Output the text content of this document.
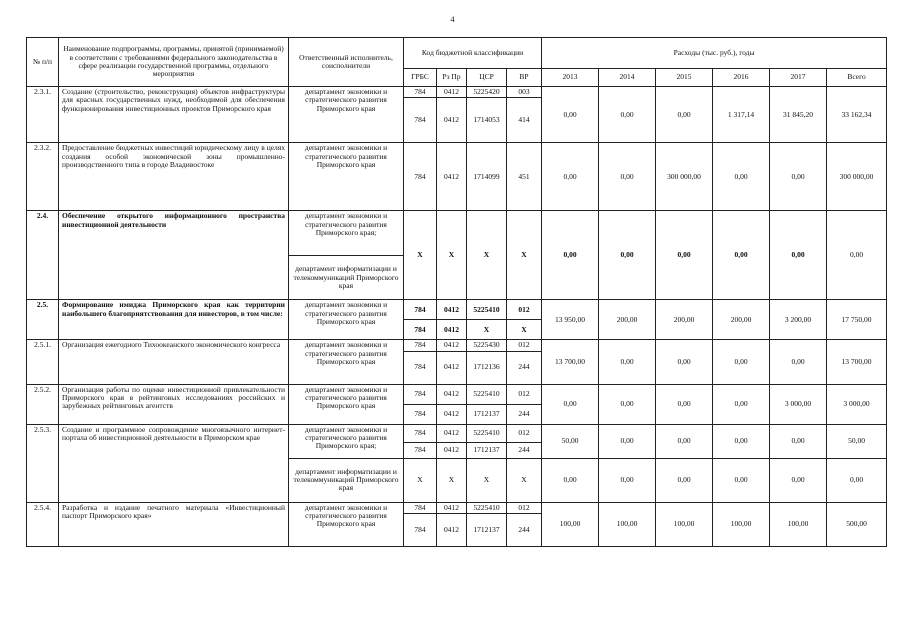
4
№ п/п	Наименование подпрограммы, программы, принятой (принимаемой) в соответствии с требованиями федерального законодательства в сфере реализации государственной программы, отдельного мероприятия	Ответственный исполнитель, соисполнители	Код бюджетной классификации				Расходы (тыс. руб.), годы					
			ГРБС	Рз Пр	ЦСР	ВР	2013	2014	2015	2016	2017	Всего
2.3.1.	Создание (строительство, реконструкция) объектов инфраструктуры для красных государственных нужд, необходимой для обеспечения функционирования инвестиционных проектов Приморского края	департамент экономики и стратегического развития Приморского края	784	0412	5225420	003	0,00	0,00	0,00	1 317,14	31 845,20	33 162,34
			784	0412	1714053	414						
2.3.2.	Предоставление бюджетных инвестиций юридическому лицу в целях создания особой экономической зоны промышленно-производственного типа в городе Владивостоке	департамент экономики и стратегического развития Приморского края	784	0412	1714099	451	0,00	0,00	300 000,00	0,00	0,00	300 000,00
2.4.	Обеспечение открытого информационного пространства инвестиционной деятельности	департамент экономики и стратегического развития Приморского края;	Х	Х	Х	Х	0,00	0,00	0,00	0,00	0,00	0,00
		департамент информатизации и телекоммуникаций Приморского края										
2.5.	Формирование имиджа Приморского края как территории наибольшего благоприятствования для инвесторов, в том числе:	департамент экономики и стратегического развития Приморского края	784	0412	5225410	012	13 950,00	200,00	200,00	200,00	3 200,00	17 750,00
			784	0412	Х	Х						
2.5.1.	Организация ежегодного Тихоокеанского экономического конгресса	департамент экономики и стратегического развития Приморского края	784	0412	5225430	012	13 700,00	0,00	0,00	0,00	0,00	13 700,00
			784	0412	1712136	244						
2.5.2.	Организация работы по оценке инвестиционной привлекательности Приморского края в рейтинговых исследованиях российских и зарубежных рейтинговых агентств	департамент экономики и стратегического развития Приморского края	784	0412	5225410	012	0,00	0,00	0,00	0,00	3 000,00	3 000,00
			784	0412	1712137	244						
2.5.3.	Создание и программное сопровождение многоязычного интернет-портала об инвестиционной деятельности в Приморском крае	департамент экономики и стратегического развития Приморского края;	784	0412	5225410	012	50,00	0,00	0,00	0,00	0,00	50,00
			784	0412	1712137	244						
		департамент информатизации и телекоммуникаций Приморского края	Х	Х	Х	Х	0,00	0,00	0,00	0,00	0,00	0,00
2.5.4.	Разработка и издание печатного материала «Инвестиционный паспорт Приморского края»	департамент экономики и стратегического развития Приморского края	784	0412	5225410	012	100,00	100,00	100,00	100,00	100,00	500,00
			784	0412	1712137	244						
